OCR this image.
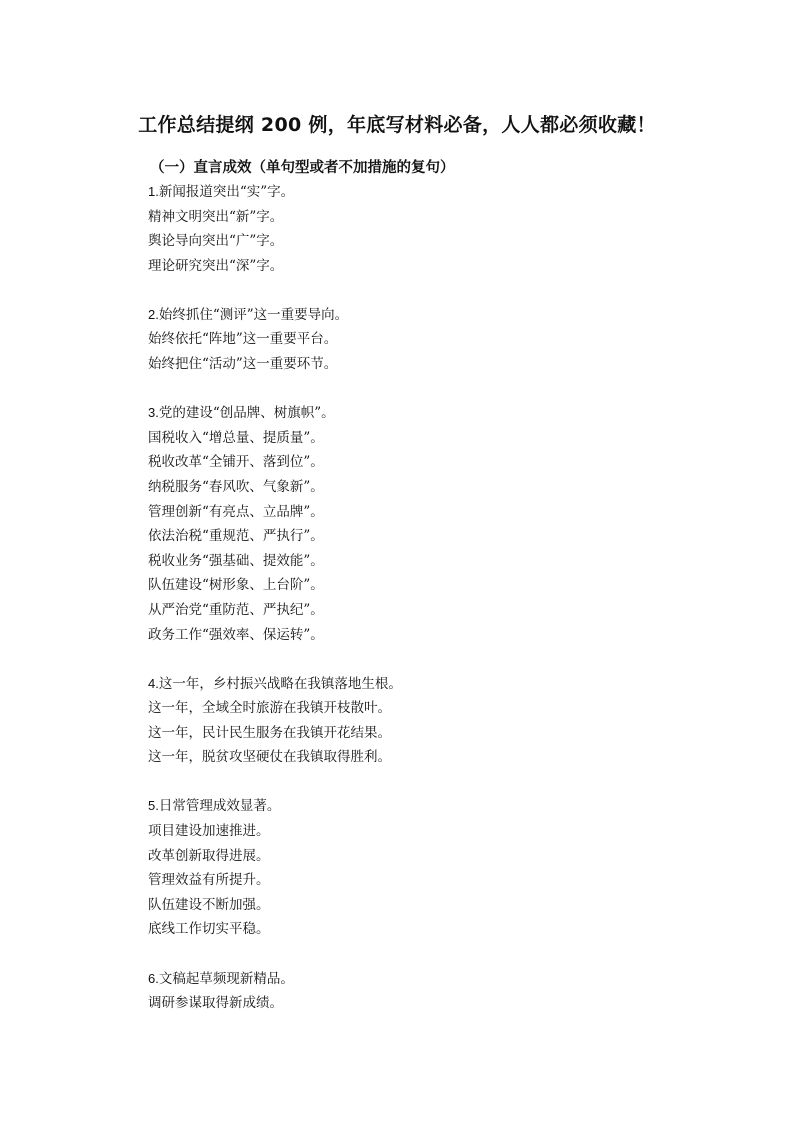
工作总结提纲 200 例，年底写材料必备，人人都必须收藏！
（一）直言成效（单句型或者不加措施的复句）
1.新闻报道突出“实”字。
精神文明突出“新”字。
舆论导向突出“广”字。
理论研究突出“深”字。
2.始终抓住“测评”这一重要导向。
始终依托“阵地”这一重要平台。
始终把住“活动”这一重要环节。
3.党的建设“创品牌、树旗帜”。
国税收入“增总量、提质量”。
税收改革“全铺开、落到位”。
纳税服务“春风吹、气象新”。
管理创新“有亮点、立品牌”。
依法治税“重规范、严执行”。
税收业务“强基础、提效能”。
队伍建设“树形象、上台阶”。
从严治党“重防范、严执纪”。
政务工作“强效率、保运转”。
4.这一年，乡村振兴战略在我镇落地生根。
这一年，全域全时旅游在我镇开枝散叶。
这一年，民计民生服务在我镇开花结果。
这一年，脱贫攻坚硬仗在我镇取得胜利。
5.日常管理成效显著。
项目建设加速推进。
改革创新取得进展。
管理效益有所提升。
队伍建设不断加强。
底线工作切实平稳。
6.文稿起草频现新精品。
调研参谋取得新成绩。
